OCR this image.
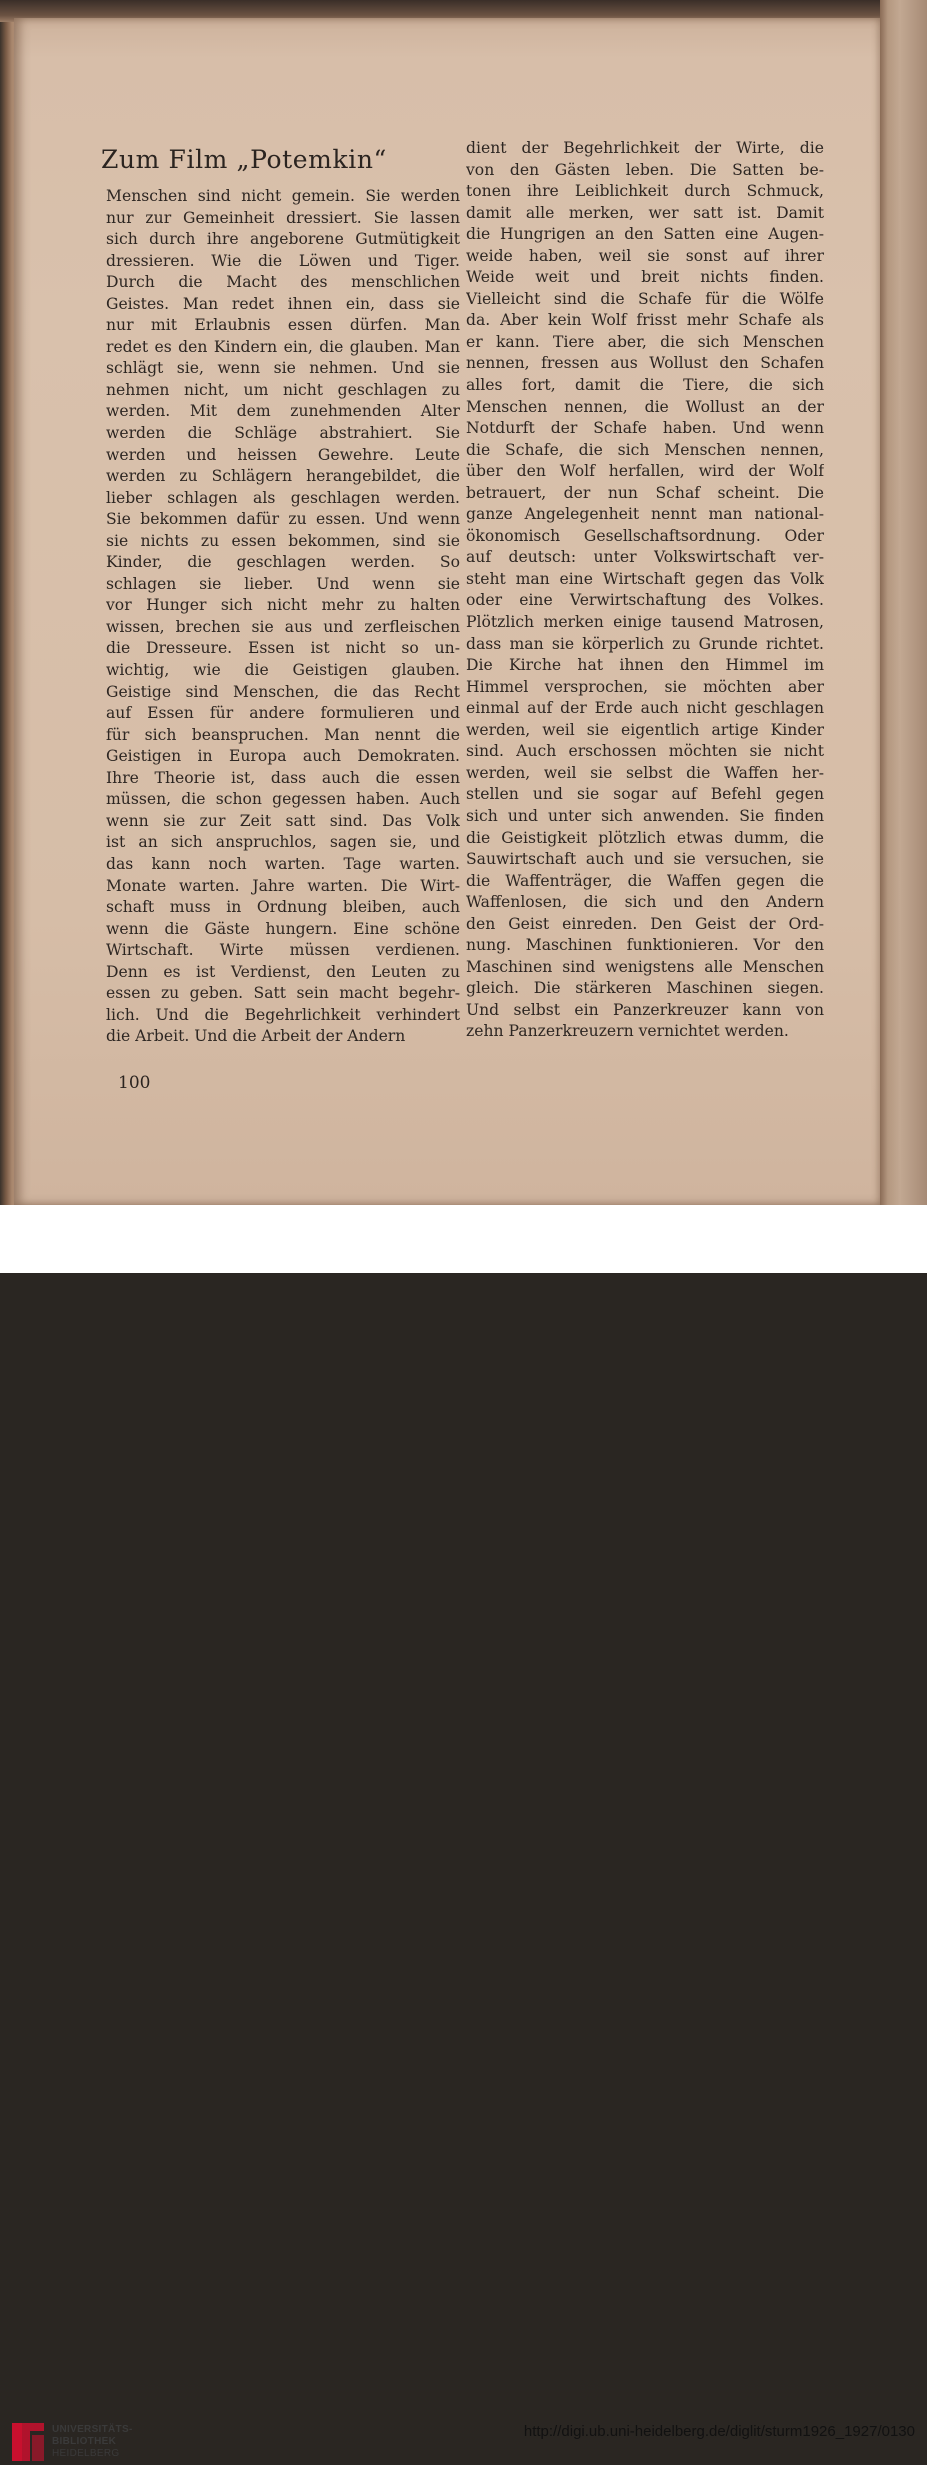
Zum Film „Potemkin“
Menschen sind nicht gemein. Sie werden
nur zur Gemeinheit dressiert. Sie lassen
sich durch ihre angeborene Gutmütigkeit
dressieren. Wie die Löwen und Tiger.
Durch die Macht des menschlichen
Geistes. Man redet ihnen ein, dass sie
nur mit Erlaubnis essen dürfen. Man
redet es den Kindern ein, die glauben. Man
schlägt sie, wenn sie nehmen. Und sie
nehmen nicht, um nicht geschlagen zu
werden. Mit dem zunehmenden Alter
werden die Schläge abstrahiert. Sie
werden und heissen Gewehre. Leute
werden zu Schlägern herangebildet, die
lieber schlagen als geschlagen werden.
Sie bekommen dafür zu essen. Und wenn
sie nichts zu essen bekommen, sind sie
Kinder, die geschlagen werden. So
schlagen sie lieber. Und wenn sie
vor Hunger sich nicht mehr zu halten
wissen, brechen sie aus und zerfleischen
die Dresseure. Essen ist nicht so un-
wichtig, wie die Geistigen glauben.
Geistige sind Menschen, die das Recht
auf Essen für andere formulieren und
für sich beanspruchen. Man nennt die
Geistigen in Europa auch Demokraten.
Ihre Theorie ist, dass auch die essen
müssen, die schon gegessen haben. Auch
wenn sie zur Zeit satt sind. Das Volk
ist an sich anspruchlos, sagen sie, und
das kann noch warten. Tage warten.
Monate warten. Jahre warten. Die Wirt-
schaft muss in Ordnung bleiben, auch
wenn die Gäste hungern. Eine schöne
Wirtschaft. Wirte müssen verdienen.
Denn es ist Verdienst, den Leuten zu
essen zu geben. Satt sein macht begehr-
lich. Und die Begehrlichkeit verhindert
die Arbeit. Und die Arbeit der Andern
dient der Begehrlichkeit der Wirte, die
von den Gästen leben. Die Satten be-
tonen ihre Leiblichkeit durch Schmuck,
damit alle merken, wer satt ist. Damit
die Hungrigen an den Satten eine Augen-
weide haben, weil sie sonst auf ihrer
Weide weit und breit nichts finden.
Vielleicht sind die Schafe für die Wölfe
da. Aber kein Wolf frisst mehr Schafe als
er kann. Tiere aber, die sich Menschen
nennen, fressen aus Wollust den Schafen
alles fort, damit die Tiere, die sich
Menschen nennen, die Wollust an der
Notdurft der Schafe haben. Und wenn
die Schafe, die sich Menschen nennen,
über den Wolf herfallen, wird der Wolf
betrauert, der nun Schaf scheint. Die
ganze Angelegenheit nennt man national-
ökonomisch Gesellschaftsordnung. Oder
auf deutsch: unter Volkswirtschaft ver-
steht man eine Wirtschaft gegen das Volk
oder eine Verwirtschaftung des Volkes.
Plötzlich merken einige tausend Matrosen,
dass man sie körperlich zu Grunde richtet.
Die Kirche hat ihnen den Himmel im
Himmel versprochen, sie möchten aber
einmal auf der Erde auch nicht geschlagen
werden, weil sie eigentlich artige Kinder
sind. Auch erschossen möchten sie nicht
werden, weil sie selbst die Waffen her-
stellen und sie sogar auf Befehl gegen
sich und unter sich anwenden. Sie finden
die Geistigkeit plötzlich etwas dumm, die
Sauwirtschaft auch und sie versuchen, sie
die Waffenträger, die Waffen gegen die
Waffenlosen, die sich und den Andern
den Geist einreden. Den Geist der Ord-
nung. Maschinen funktionieren. Vor den
Maschinen sind wenigstens alle Menschen
gleich. Die stärkeren Maschinen siegen.
Und selbst ein Panzerkreuzer kann von
zehn Panzerkreuzern vernichtet werden.

100

UNIVERSITÄTS-
BIBLIOTHEK
HEIDELBERG
http://digi.ub.uni-heidelberg.de/diglit/sturm1926_1927/0130
